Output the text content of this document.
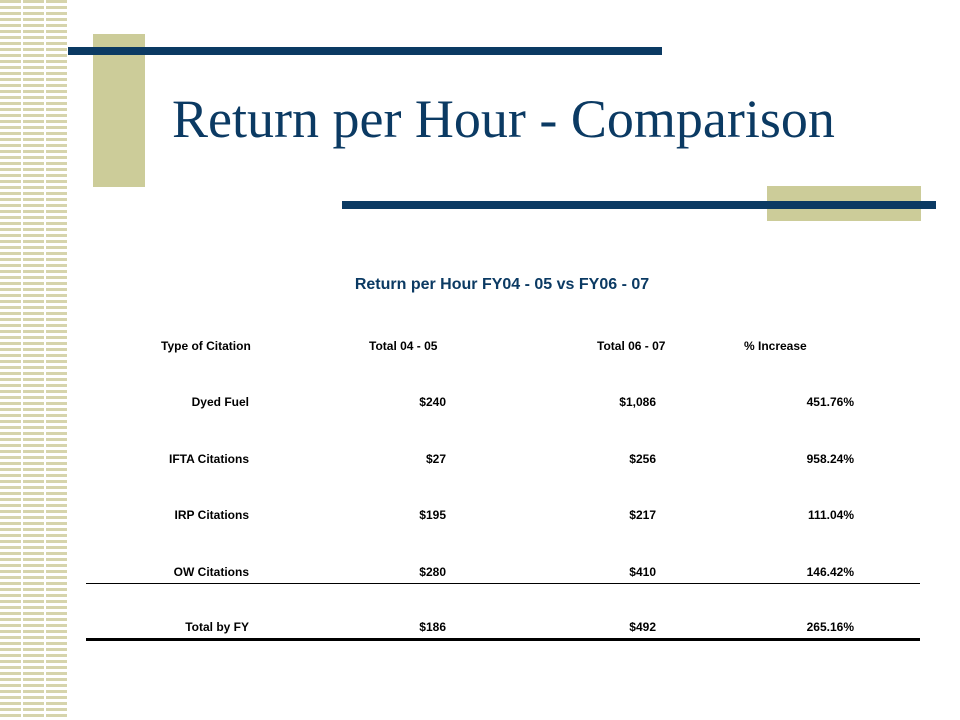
Return per Hour - Comparison
Return per Hour FY04 - 05 vs FY06 - 07
Type of Citation	Total 04 - 05	Total 06 - 07	% Increase
Dyed Fuel	$240	$1,086	451.76%
IFTA Citations	$27	$256	958.24%
IRP Citations	$195	$217	111.04%
OW Citations	$280	$410	146.42%
Total by FY	$186	$492	265.16%
